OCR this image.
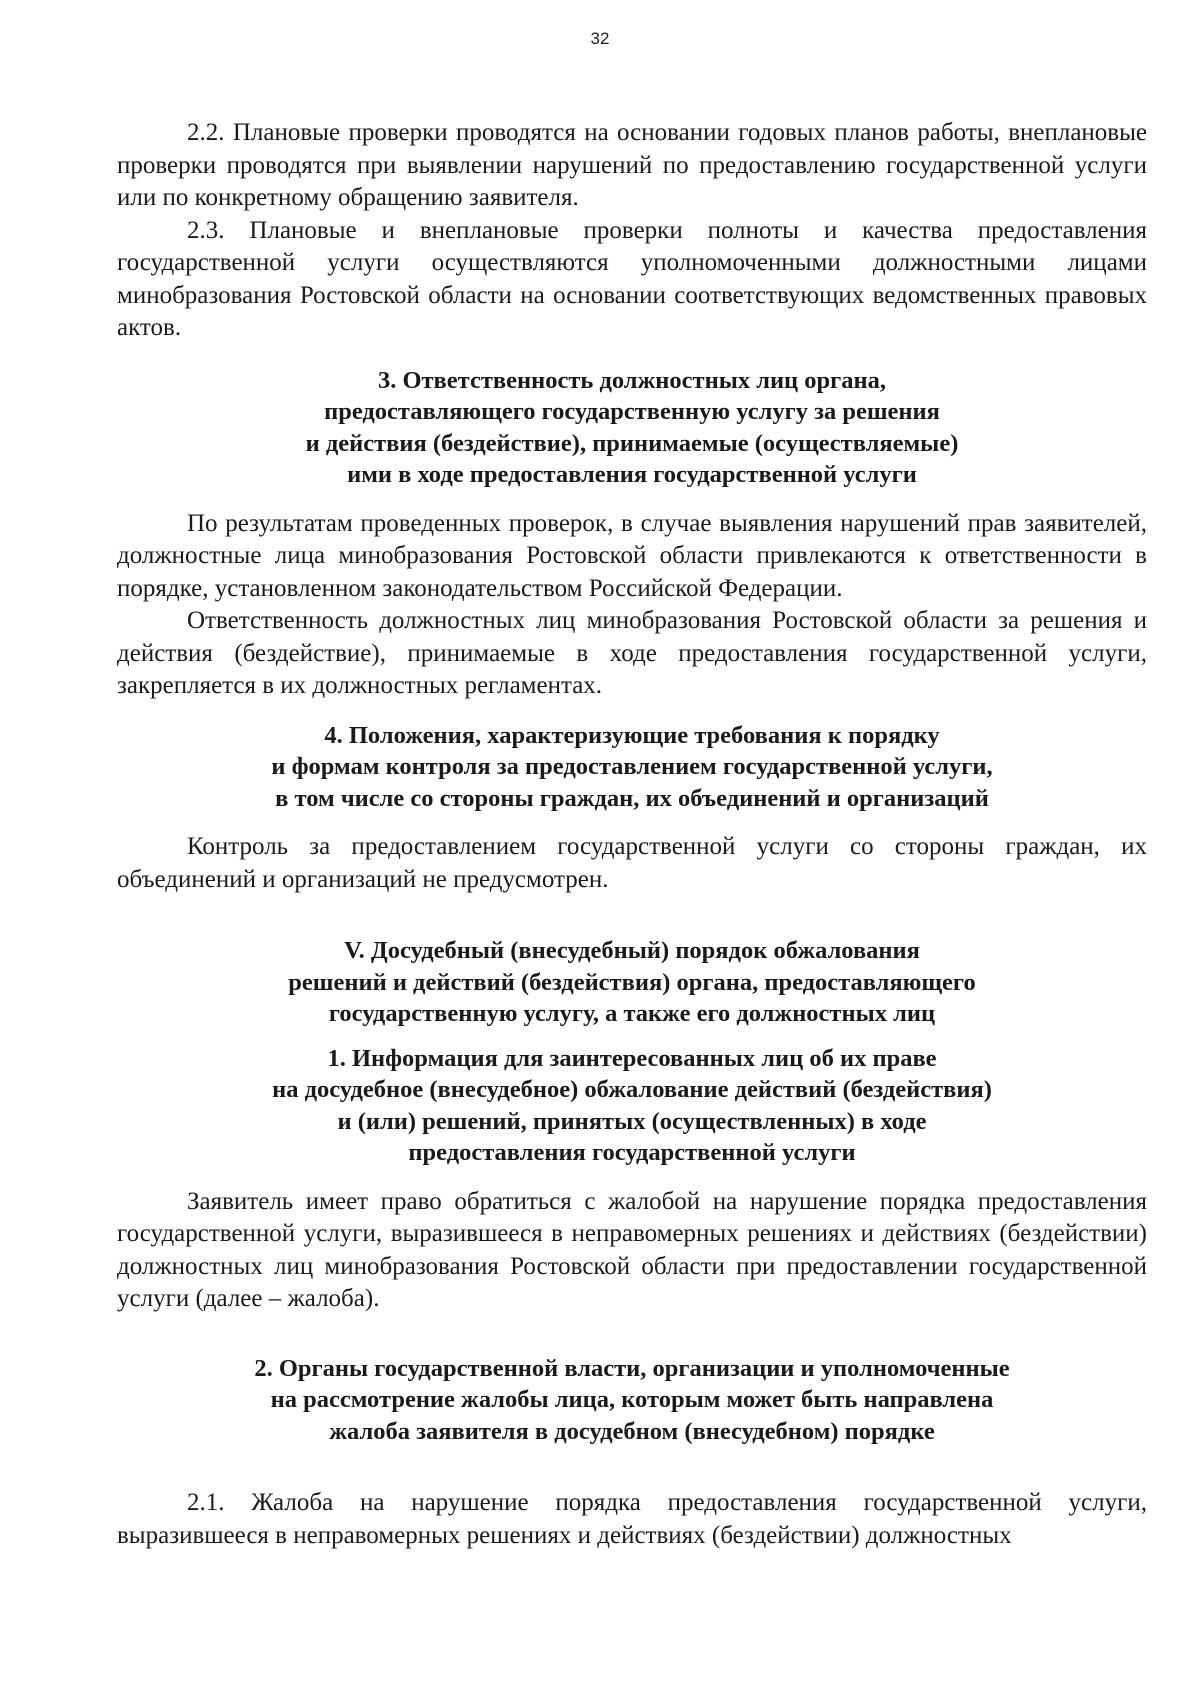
32

2.2. Плановые проверки проводятся на основании годовых планов работы, внеплановые проверки проводятся при выявлении нарушений по предоставлению государственной услуги или по конкретному обращению заявителя.

2.3. Плановые и внеплановые проверки полноты и качества предоставления государственной услуги осуществляются уполномоченными должностными лицами минобразования Ростовской области на основании соответствующих ведомственных правовых актов.

3. Ответственность должностных лиц органа,
предоставляющего государственную услугу за решения
и действия (бездействие), принимаемые (осуществляемые)
ими в ходе предоставления государственной услуги

По результатам проведенных проверок, в случае выявления нарушений прав заявителей, должностные лица минобразования Ростовской области привлекаются к ответственности в порядке, установленном законодательством Российской Федерации.

Ответственность должностных лиц минобразования Ростовской области за решения и действия (бездействие), принимаемые в ходе предоставления государственной услуги, закрепляется в их должностных регламентах.

4. Положения, характеризующие требования к порядку
и формам контроля за предоставлением государственной услуги,
в том числе со стороны граждан, их объединений и организаций

Контроль за предоставлением государственной услуги со стороны граждан, их объединений и организаций не предусмотрен.

V. Досудебный (внесудебный) порядок обжалования
решений и действий (бездействия) органа, предоставляющего
государственную услугу, а также его должностных лиц
1. Информация для заинтересованных лиц об их праве
на досудебное (внесудебное) обжалование действий (бездействия)
и (или) решений, принятых (осуществленных) в ходе
предоставления государственной услуги

Заявитель имеет право обратиться с жалобой на нарушение порядка предоставления государственной услуги, выразившееся в неправомерных решениях и действиях (бездействии) должностных лиц минобразования Ростовской области при предоставлении государственной услуги (далее – жалоба).

2. Органы государственной власти, организации и уполномоченные
на рассмотрение жалобы лица, которым может быть направлена
жалоба заявителя в досудебном (внесудебном) порядке

2.1. Жалоба на нарушение порядка предоставления государственной услуги, выразившееся в неправомерных решениях и действиях (бездействии) должностных
